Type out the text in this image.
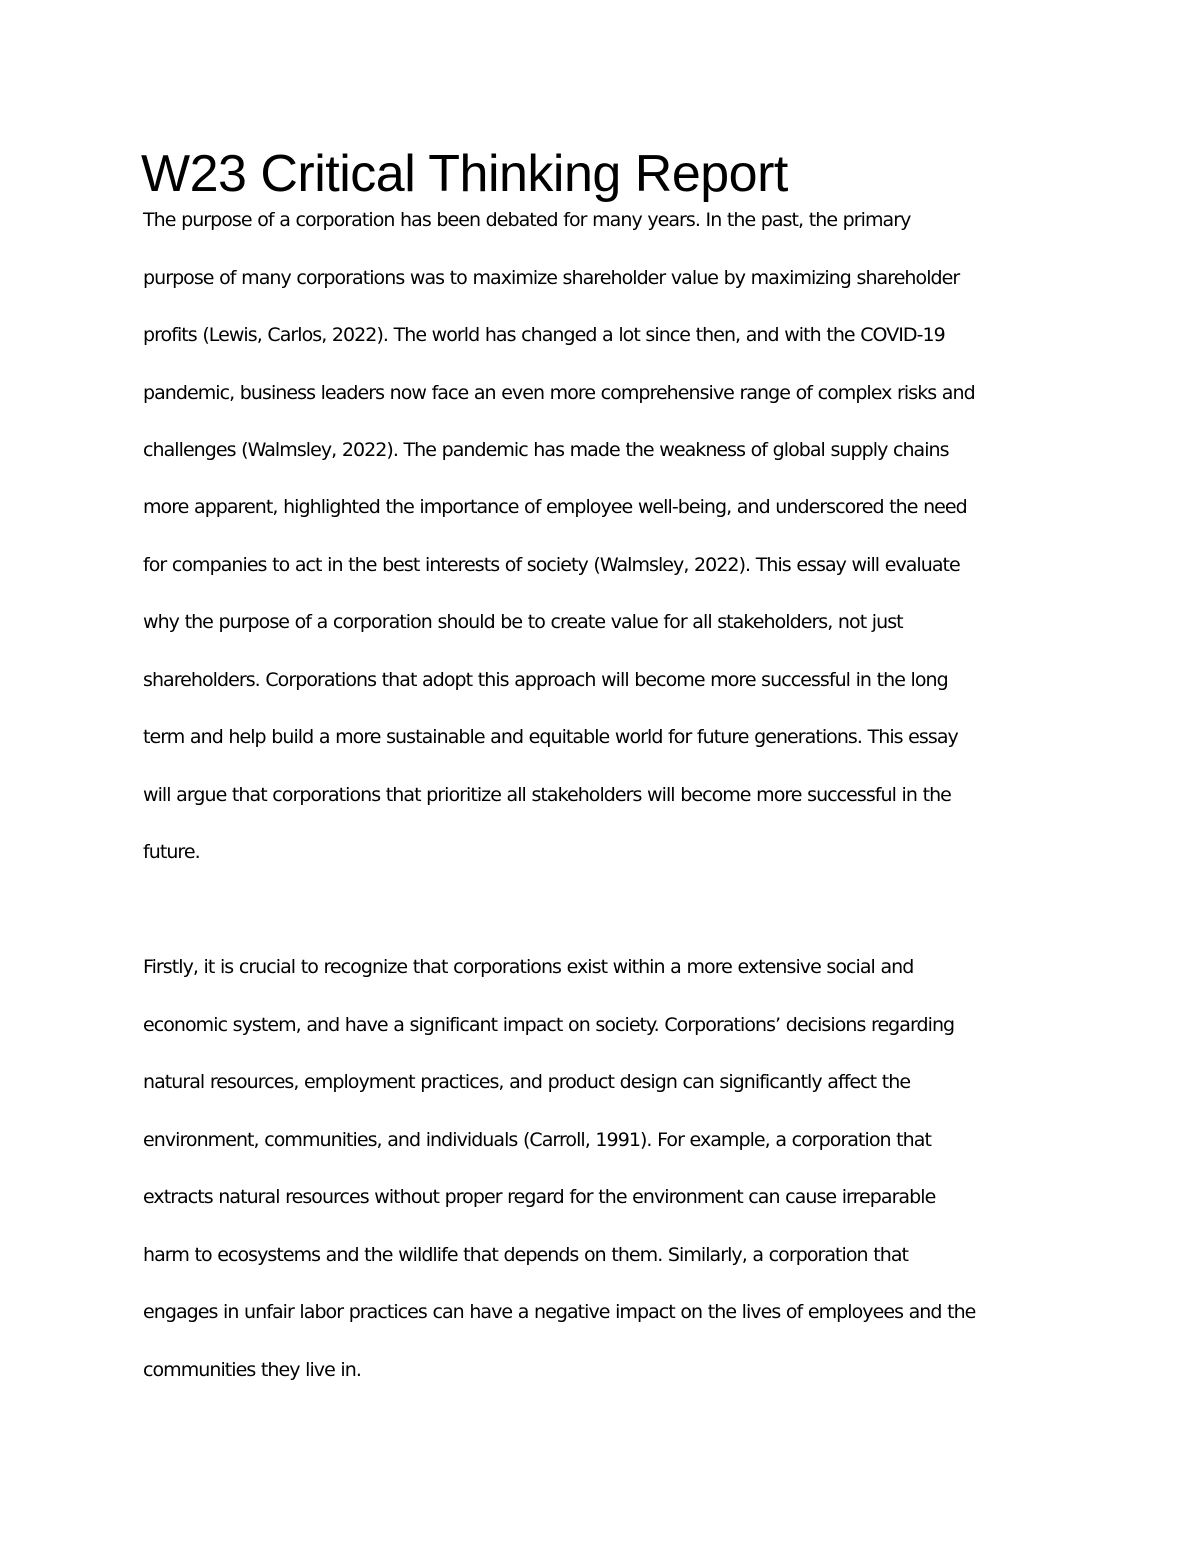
W23 Critical Thinking Report

The purpose of a corporation has been debated for many years. In the past, the primary

purpose of many corporations was to maximize shareholder value by maximizing shareholder

profits (Lewis, Carlos, 2022). The world has changed a lot since then, and with the COVID-19

pandemic, business leaders now face an even more comprehensive range of complex risks and

challenges (Walmsley, 2022). The pandemic has made the weakness of global supply chains

more apparent, highlighted the importance of employee well-being, and underscored the need

for companies to act in the best interests of society (Walmsley, 2022). This essay will evaluate

why the purpose of a corporation should be to create value for all stakeholders, not just

shareholders. Corporations that adopt this approach will become more successful in the long

term and help build a more sustainable and equitable world for future generations. This essay

will argue that corporations that prioritize all stakeholders will become more successful in the

future.

Firstly, it is crucial to recognize that corporations exist within a more extensive social and

economic system, and have a significant impact on society. Corporations’ decisions regarding

natural resources, employment practices, and product design can significantly affect the

environment, communities, and individuals (Carroll, 1991). For example, a corporation that

extracts natural resources without proper regard for the environment can cause irreparable

harm to ecosystems and the wildlife that depends on them. Similarly, a corporation that

engages in unfair labor practices can have a negative impact on the lives of employees and the

communities they live in.
